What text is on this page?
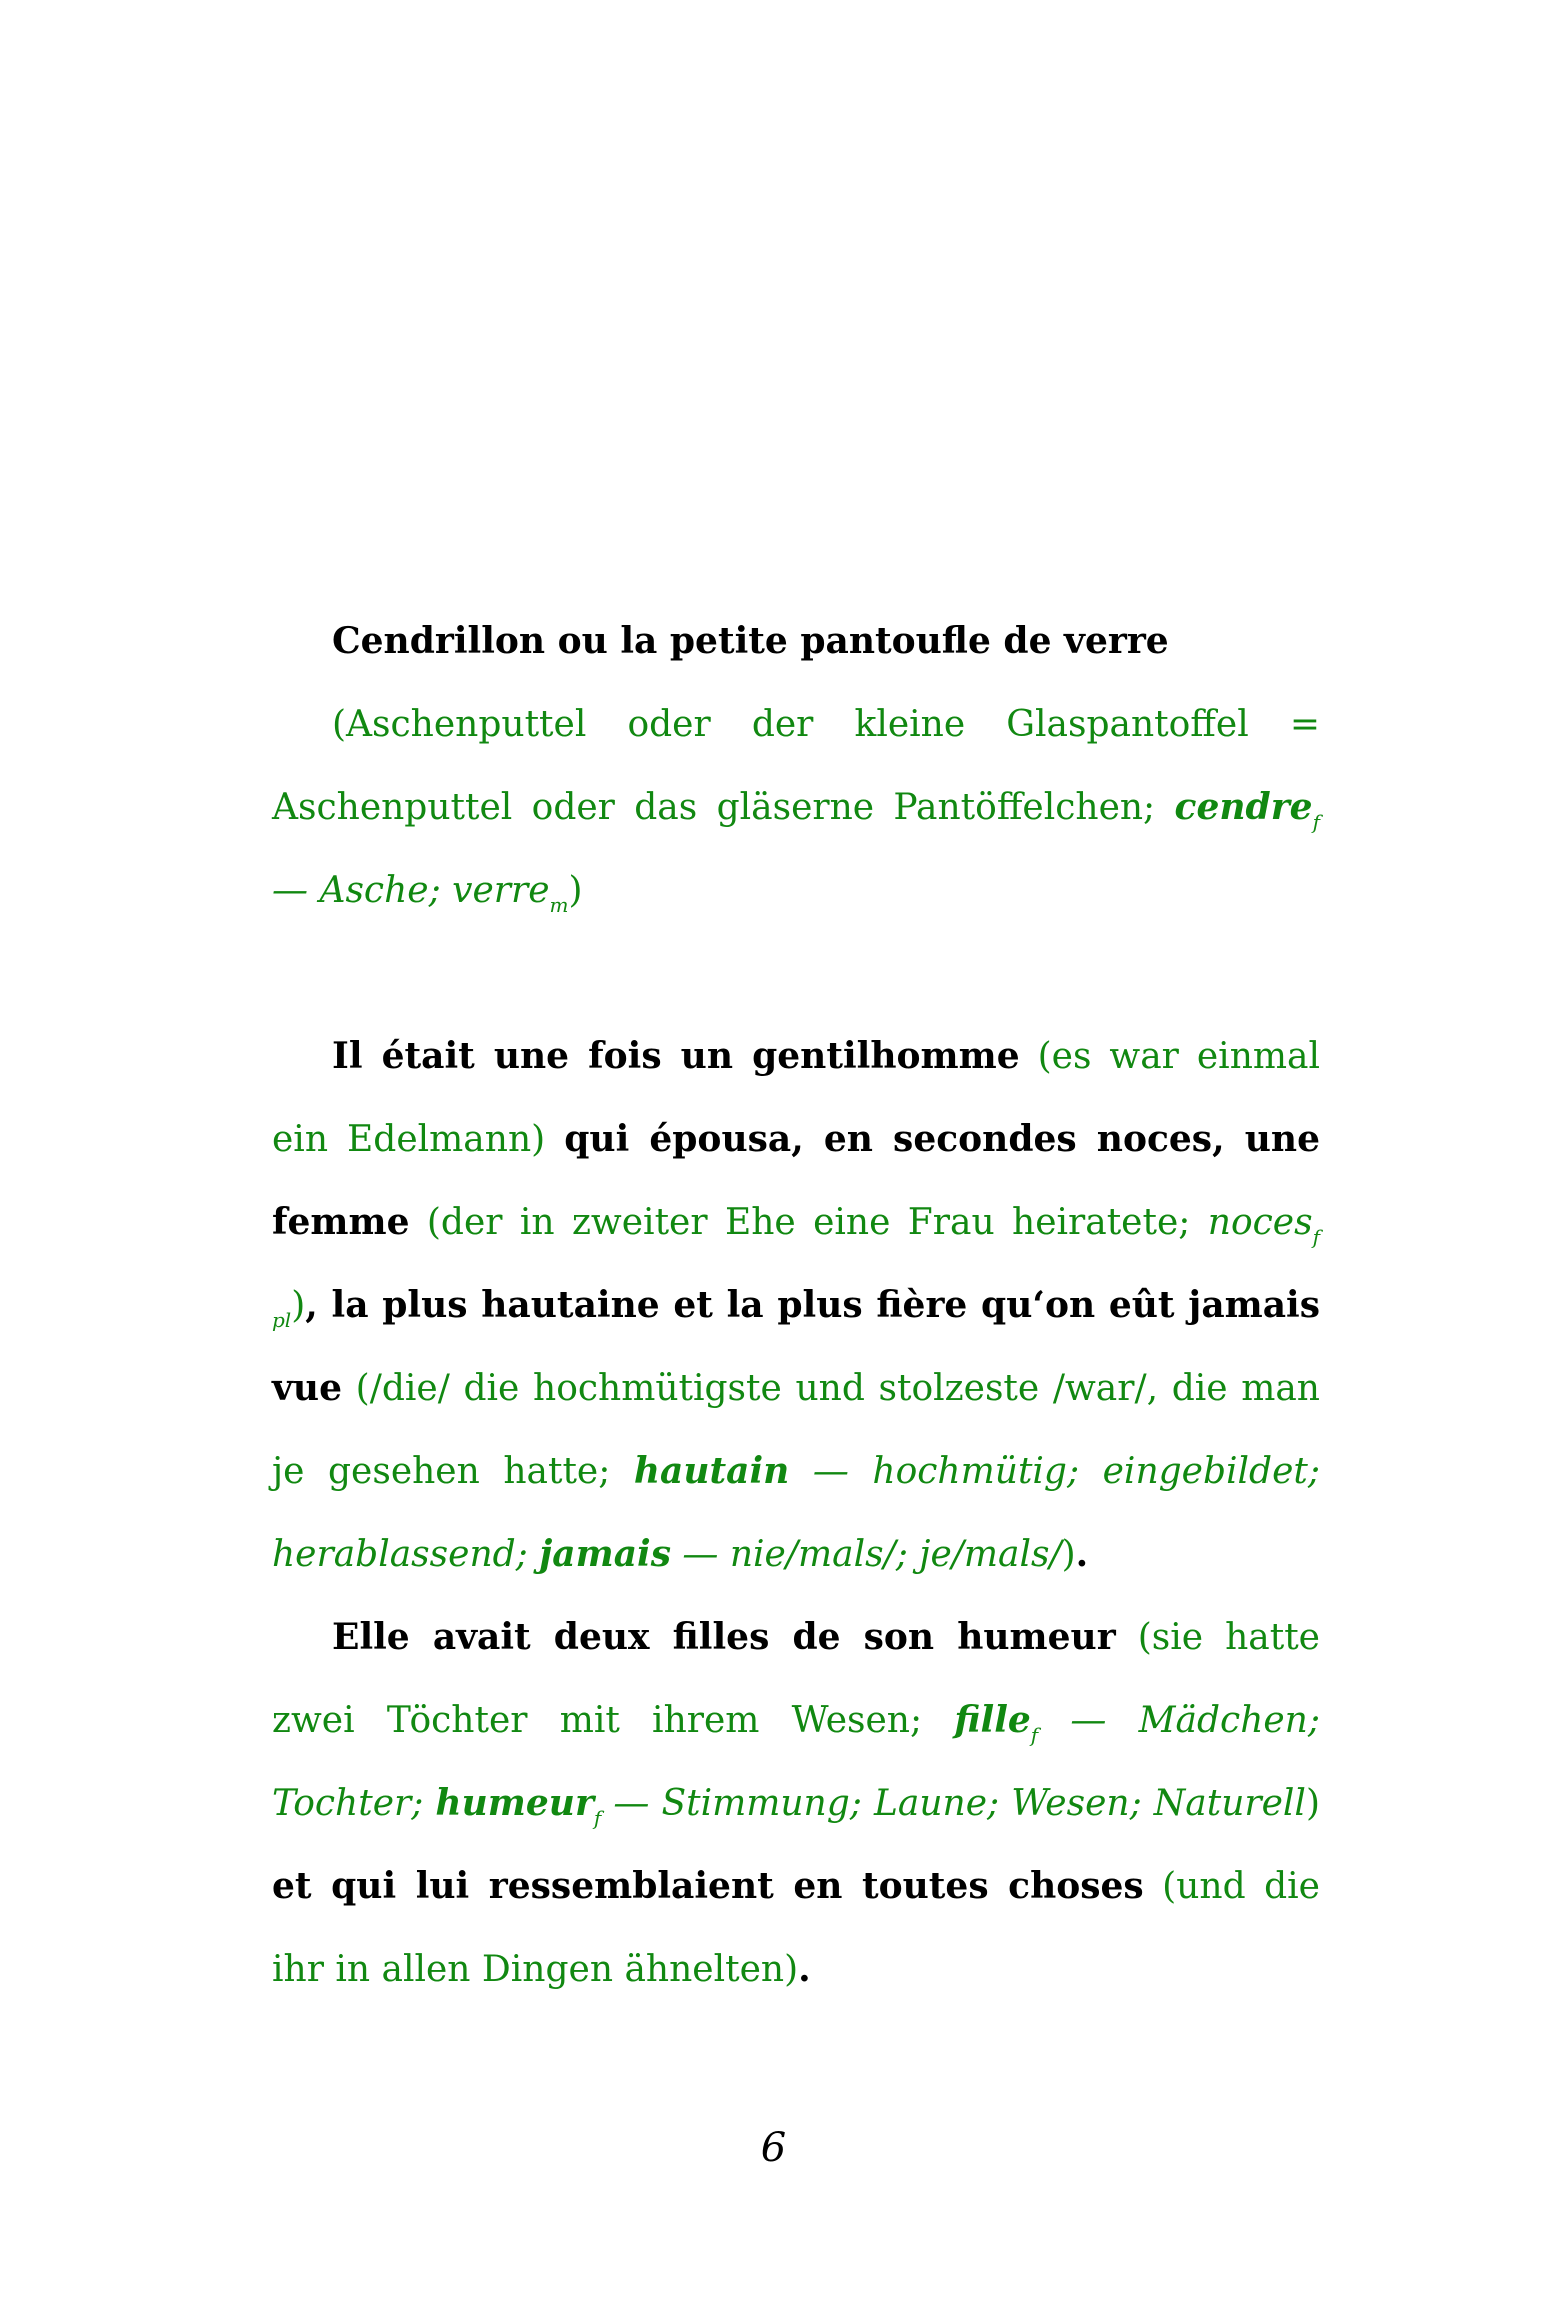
Cendrillon ou la petite pantoufle de verre

(Aschenputtel oder der kleine Glaspantoffel = Aschenputtel oder das gläserne Pantöffelchen; cendre$_f$ — Asche; verre$_m$)

Il était une fois un gentilhomme (es war einmal ein Edelmann) qui épousa, en secondes noces, une femme (der in zweiter Ehe eine Frau heiratete; noces$_{f pl}$), la plus hautaine et la plus fière qu‘on eût jamais vue (/die/ die hochmütigste und stolzeste /war/, die man je gesehen hatte; hautain — hochmütig; eingebildet; herablassend; jamais — nie/mals/; je/mals/).

Elle avait deux filles de son humeur (sie hatte zwei Töchter mit ihrem Wesen; fille$_f$ — Mädchen; Tochter; humeur$_f$ — Stimmung; Laune; Wesen; Naturell) et qui lui ressemblaient en toutes choses (und die ihr in allen Dingen ähnelten).

6
